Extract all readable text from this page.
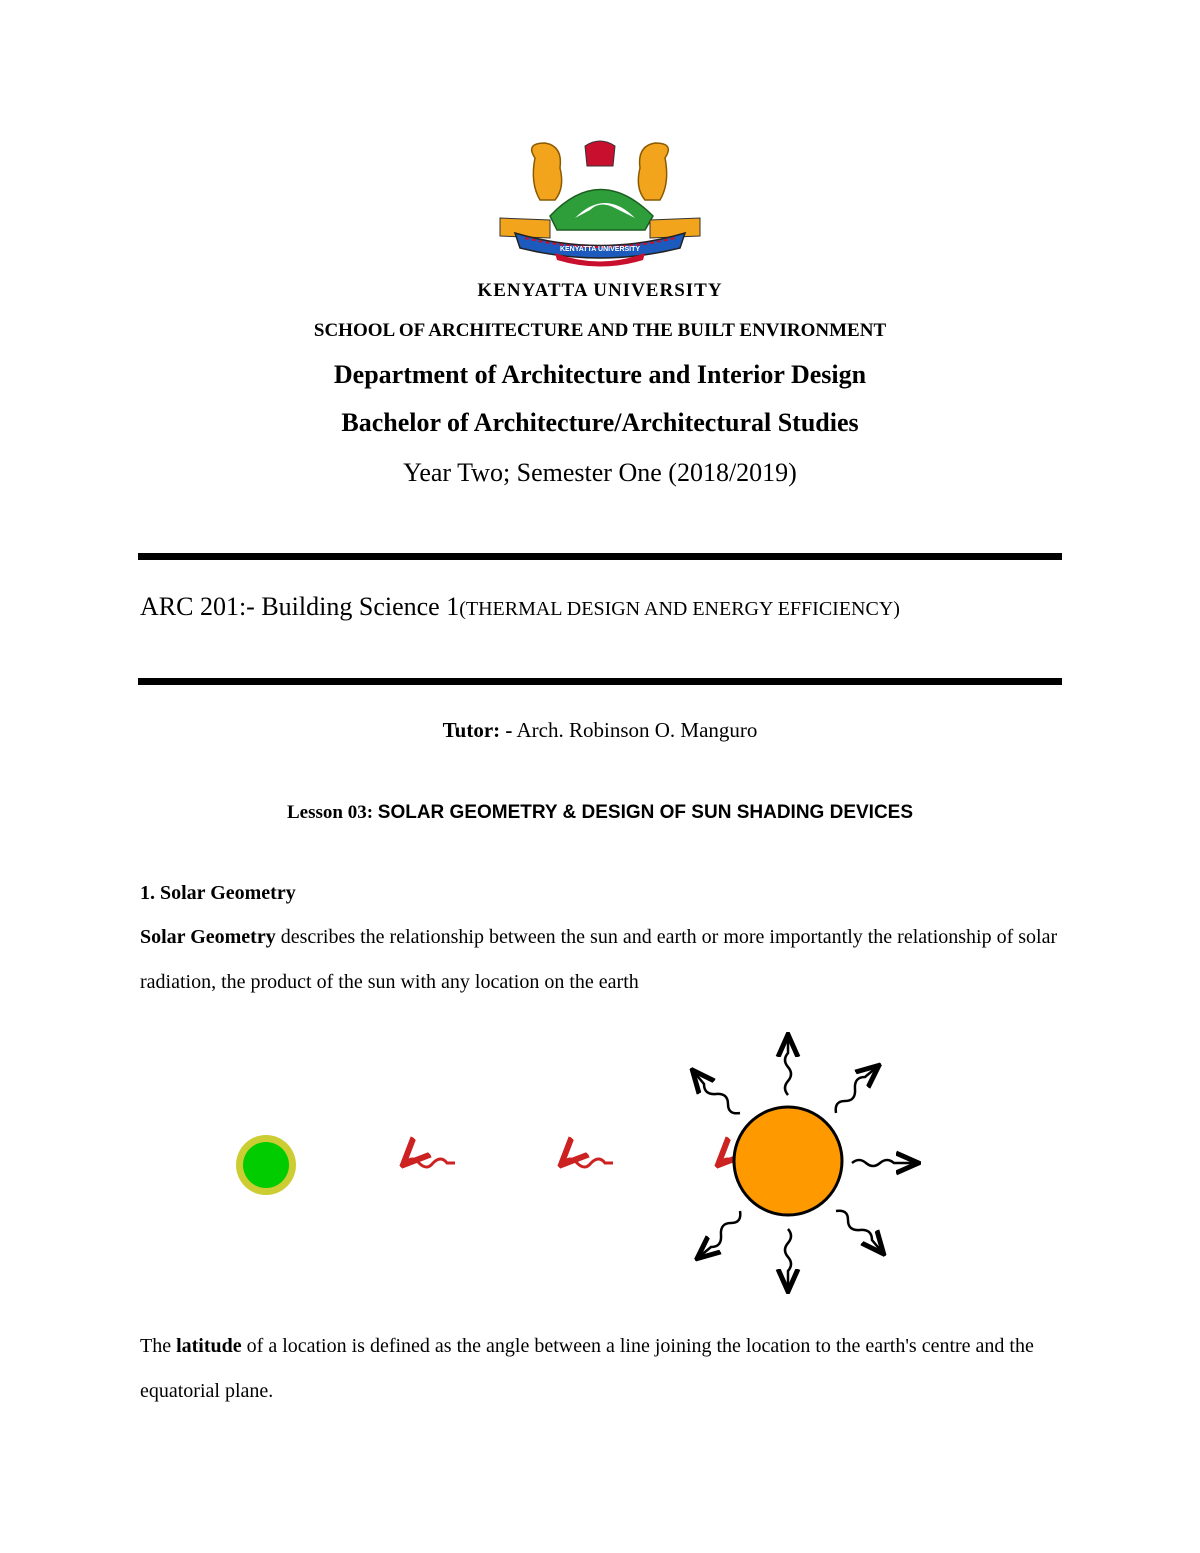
KENYATTA UNIVERSITY
KENYATTA UNIVERSITY
SCHOOL OF ARCHITECTURE AND THE BUILT ENVIRONMENT
Department of Architecture and Interior Design
Bachelor of Architecture/Architectural Studies
Year Two; Semester One (2018/2019)
ARC 201:- Building Science 1(THERMAL DESIGN AND ENERGY EFFICIENCY)
Tutor: - Arch. Robinson O. Manguro
Lesson 03: SOLAR GEOMETRY & DESIGN OF SUN SHADING DEVICES
1. Solar Geometry
Solar Geometry describes the relationship between the sun and earth or more importantly the relationship of solar radiation, the product of the sun with any location on the earth
The latitude of a location is defined as the angle between a line joining the location to the earth's centre and the equatorial plane.
